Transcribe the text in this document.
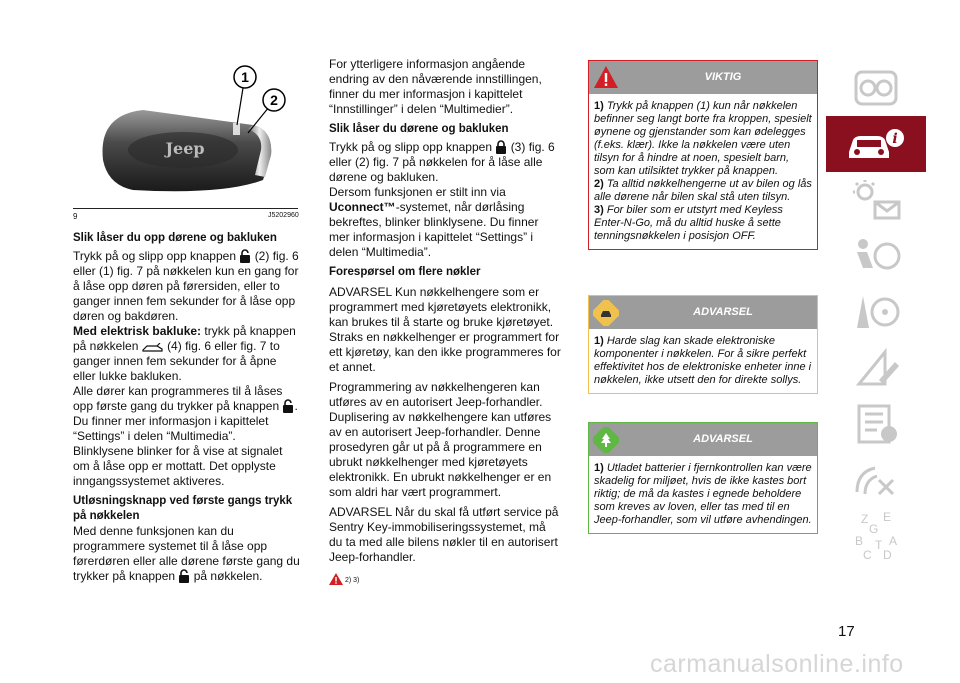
Jeep
1
2
9	J5202960

Slik låser du opp dørene og bakluken

Trykk på og slipp opp knappen (2) fig. 6 eller (1) fig. 7 på nøkkelen kun en gang for å låse opp døren på førersiden, eller to ganger innen fem sekunder for å låse opp døren og bakdøren.

Med elektrisk bakluke: trykk på knappen på nøkkelen (4) fig. 6 eller fig. 7 to ganger innen fem sekunder for å åpne eller lukke bakluken.

Alle dører kan programmeres til å låses opp første gang du trykker på knappen . Du finner mer informasjon i kapittelet “Settings” i delen “Multimedia”.

Blinklysene blinker for å vise at signalet om å låse opp er mottatt. Det opplyste inngangssystemet aktiveres.

Utløsningsknapp ved første gangs trykk på nøkkelen

Med denne funksjonen kan du programmere systemet til å låse opp førerdøren eller alle dørene første gang du trykker på knappen på nøkkelen.

For ytterligere informasjon angående endring av den nåværende innstillingen, finner du mer informasjon i kapittelet “Innstillinger” i delen “Multimedier”.

Slik låser du dørene og bakluken

Trykk på og slipp opp knappen (3) fig. 6 eller (2) fig. 7 på nøkkelen for å låse alle dørene og bakluken.

Dersom funksjonen er stilt inn via Uconnect™-systemet, når dørlåsing bekreftes, blinker blinklysene. Du finner mer informasjon i kapittelet “Settings” i delen “Multimedia”.

Forespørsel om flere nøkler

ADVARSEL Kun nøkkelhengere som er programmert med kjøretøyets elektronikk, kan brukes til å starte og bruke kjøretøyet. Straks en nøkkelhenger er programmert for ett kjøretøy, kan den ikke programmeres for et annet.

Programmering av nøkkelhengeren kan utføres av en autorisert Jeep-forhandler.

Duplisering av nøkkelhengere kan utføres av en autorisert Jeep-forhandler. Denne prosedyren går ut på å programmere en ubrukt nøkkelhenger med kjøretøyets elektronikk. En ubrukt nøkkelhenger er en som aldri har vært programmert.

ADVARSEL Når du skal få utført service på Sentry Key-immobiliseringssystemet, må du ta med alle bilens nøkler til en autorisert Jeep-forhandler.

2) 3)

VIKTIG

1) Trykk på knappen (1) kun når nøkkelen befinner seg langt borte fra kroppen, spesielt øynene og gjenstander som kan ødelegges (f.eks. klær). Ikke la nøkkelen være uten tilsyn for å hindre at noen, spesielt barn, som kan utilsiktet trykker på knappen.

2) Ta alltid nøkkelhengerne ut av bilen og lås alle dørene når bilen skal stå uten tilsyn.

3) For biler som er utstyrt med Keyless Enter-N-Go, må du alltid huske å sette tenningsnøkkelen i posisjon OFF.

ADVARSEL

1) Harde slag kan skade elektroniske komponenter i nøkkelen. For å sikre perfekt effektivitet hos de elektroniske enheter inne i nøkkelen, ikke utsett den for direkte sollys.

ADVARSEL

1) Utladet batterier i fjernkontrollen kan være skadelig for miljøet, hvis de ikke kastes bort riktig; de må da kastes i egnede beholdere som kreves av loven, eller tas med til en Jeep-forhandler, som vil utføre avhendingen.

i
Z E
G
B T A
C D
17
carmanualsonline.info
